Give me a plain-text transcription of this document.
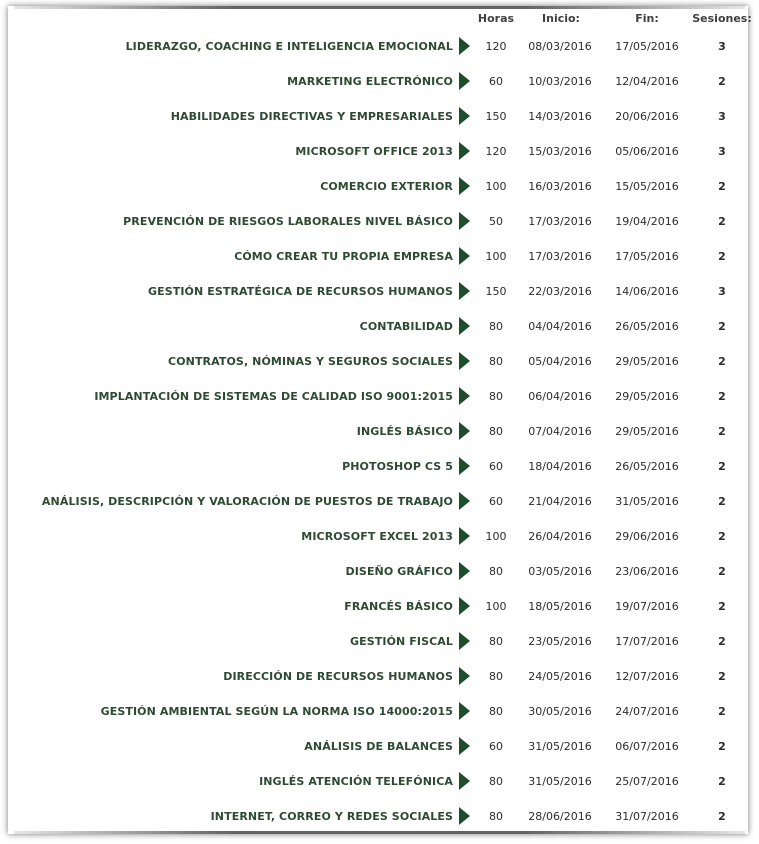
Horas	Inicio:	Fin:	Sesiones:
LIDERAZGO, COACHING E INTELIGENCIA EMOCIONAL	120	08/03/2016	17/05/2016	3
MARKETING ELECTRÓNICO	60	10/03/2016	12/04/2016	2
HABILIDADES DIRECTIVAS Y EMPRESARIALES	150	14/03/2016	20/06/2016	3
MICROSOFT OFFICE 2013	120	15/03/2016	05/06/2016	3
COMERCIO EXTERIOR	100	16/03/2016	15/05/2016	2
PREVENCIÓN DE RIESGOS LABORALES NIVEL BÁSICO	50	17/03/2016	19/04/2016	2
CÓMO CREAR TU PROPIA EMPRESA	100	17/03/2016	17/05/2016	2
GESTIÓN ESTRATÉGICA DE RECURSOS HUMANOS	150	22/03/2016	14/06/2016	3
CONTABILIDAD	80	04/04/2016	26/05/2016	2
CONTRATOS, NÓMINAS Y SEGUROS SOCIALES	80	05/04/2016	29/05/2016	2
IMPLANTACIÓN DE SISTEMAS DE CALIDAD ISO 9001:2015	80	06/04/2016	29/05/2016	2
INGLÉS BÁSICO	80	07/04/2016	29/05/2016	2
PHOTOSHOP CS 5	60	18/04/2016	26/05/2016	2
ANÁLISIS, DESCRIPCIÓN Y VALORACIÓN DE PUESTOS DE TRABAJO	60	21/04/2016	31/05/2016	2
MICROSOFT EXCEL 2013	100	26/04/2016	29/06/2016	2
DISEÑO GRÁFICO	80	03/05/2016	23/06/2016	2
FRANCÉS BÁSICO	100	18/05/2016	19/07/2016	2
GESTIÓN FISCAL	80	23/05/2016	17/07/2016	2
DIRECCIÓN DE RECURSOS HUMANOS	80	24/05/2016	12/07/2016	2
GESTIÓN AMBIENTAL SEGÚN LA NORMA ISO 14000:2015	80	30/05/2016	24/07/2016	2
ANÁLISIS DE BALANCES	60	31/05/2016	06/07/2016	2
INGLÉS ATENCIÓN TELEFÓNICA	80	31/05/2016	25/07/2016	2
INTERNET, CORREO Y REDES SOCIALES	80	28/06/2016	31/07/2016	2
